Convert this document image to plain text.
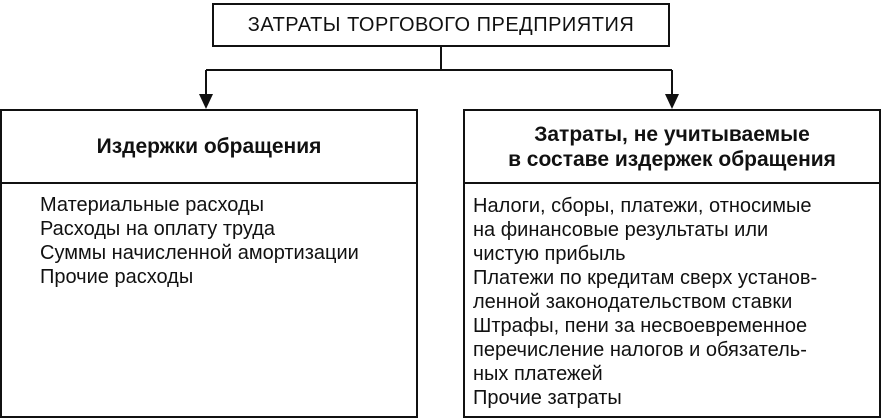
ЗАТРАТЫ ТОРГОВОГО ПРЕДПРИЯТИЯ
Издержки обращения
Материальные расходы
Расходы на оплату труда
Суммы начисленной амортизации
Прочие расходы
Затраты, не учитываемые
в составе издержек обращения
Налоги, сборы, платежи, относимые
на финансовые результаты или
чистую прибыль
Платежи по кредитам сверх установ-
ленной законодательством ставки
Штрафы, пени за несвоевременное
перечисление налогов и обязатель-
ных платежей
Прочие затраты
